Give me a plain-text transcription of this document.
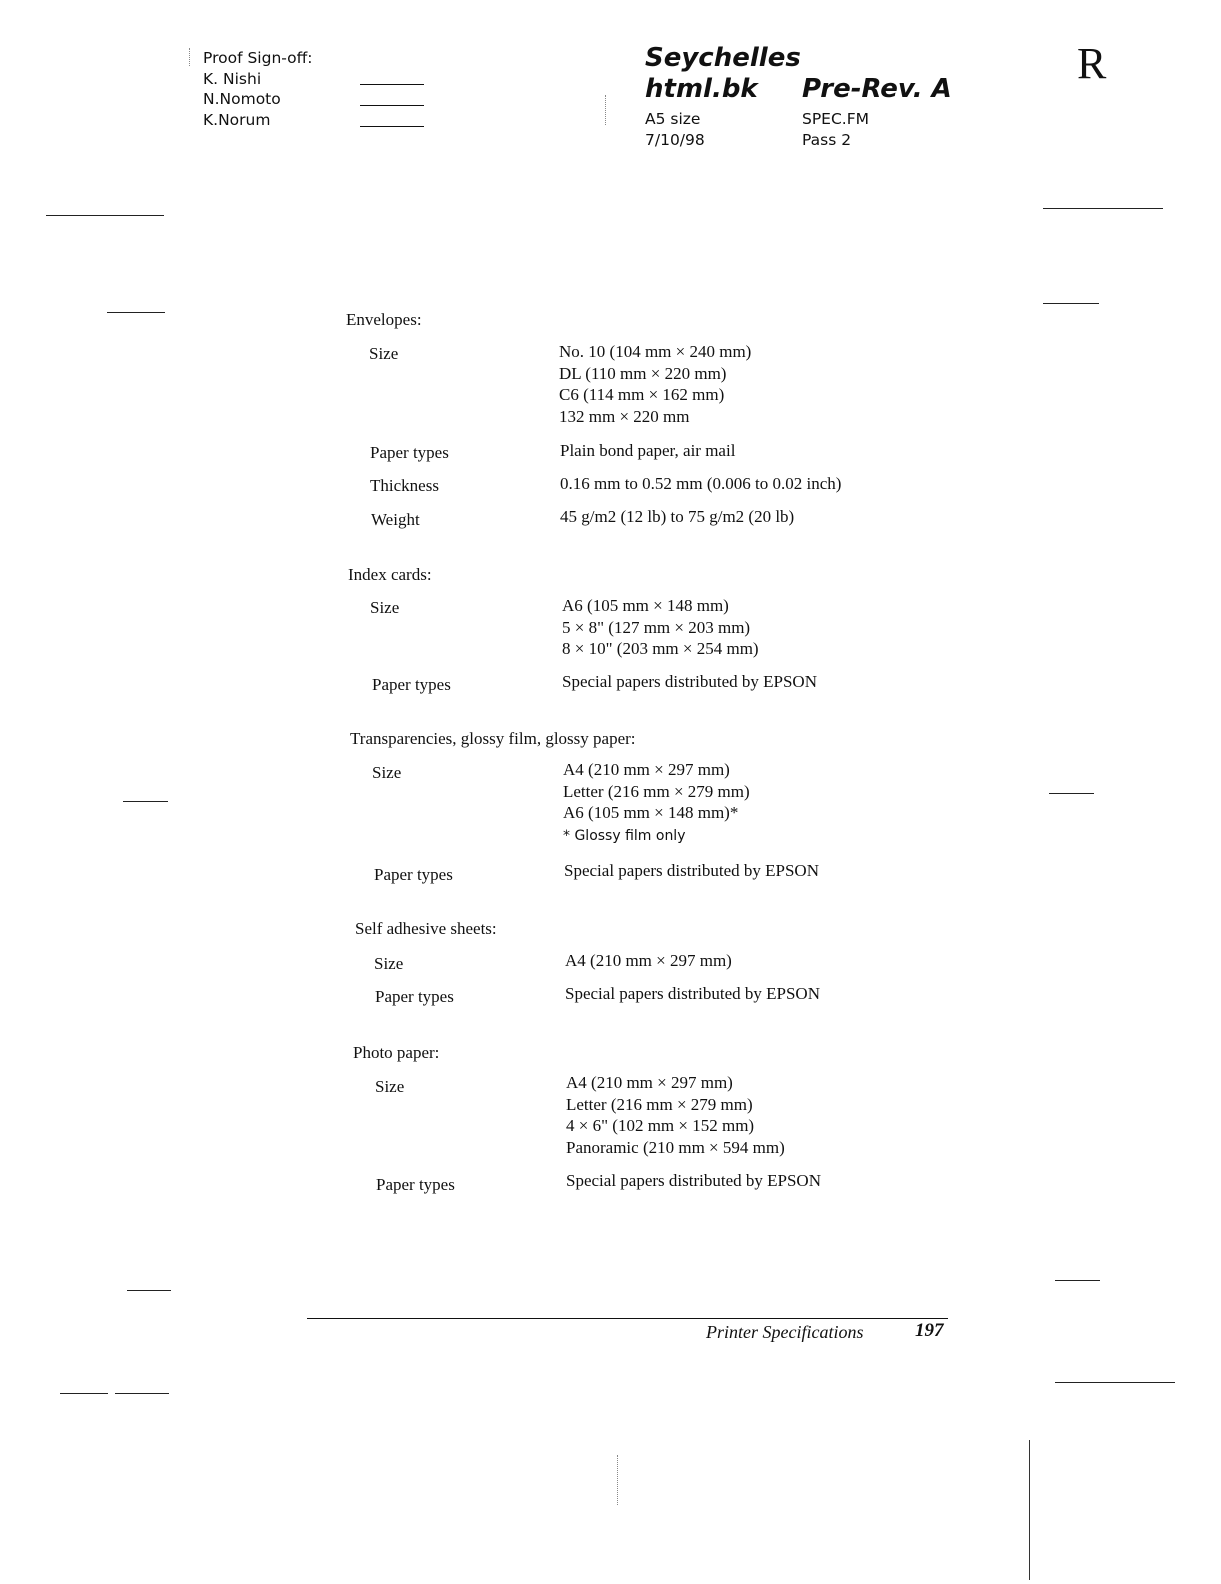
Proof Sign-off:
K. Nishi
N.Nomoto
K.Norum
Seychelles
html.bk Pre-Rev. A
A5 size
7/10/98
SPEC.FM
Pass 2
R
Envelopes:
Size	No. 10 (104 mm × 240 mm)
DL (110 mm × 220 mm)
C6 (114 mm × 162 mm)
132 mm × 220 mm
Paper types	Plain bond paper, air mail
Thickness	0.16 mm to 0.52 mm (0.006 to 0.02 inch)
Weight	45 g/m2 (12 lb) to 75 g/m2 (20 lb)
Index cards:
Size	A6 (105 mm × 148 mm)
5 × 8" (127 mm × 203 mm)
8 × 10" (203 mm × 254 mm)
Paper types	Special papers distributed by EPSON
Transparencies, glossy film, glossy paper:
Size	A4 (210 mm × 297 mm)
Letter (216 mm × 279 mm)
A6 (105 mm × 148 mm)*
* Glossy film only
Paper types	Special papers distributed by EPSON
Self adhesive sheets:
Size	A4 (210 mm × 297 mm)
Paper types	Special papers distributed by EPSON
Photo paper:
Size	A4 (210 mm × 297 mm)
Letter (216 mm × 279 mm)
4 × 6" (102 mm × 152 mm)
Panoramic (210 mm × 594 mm)
Paper types	Special papers distributed by EPSON
Printer Specifications	197
